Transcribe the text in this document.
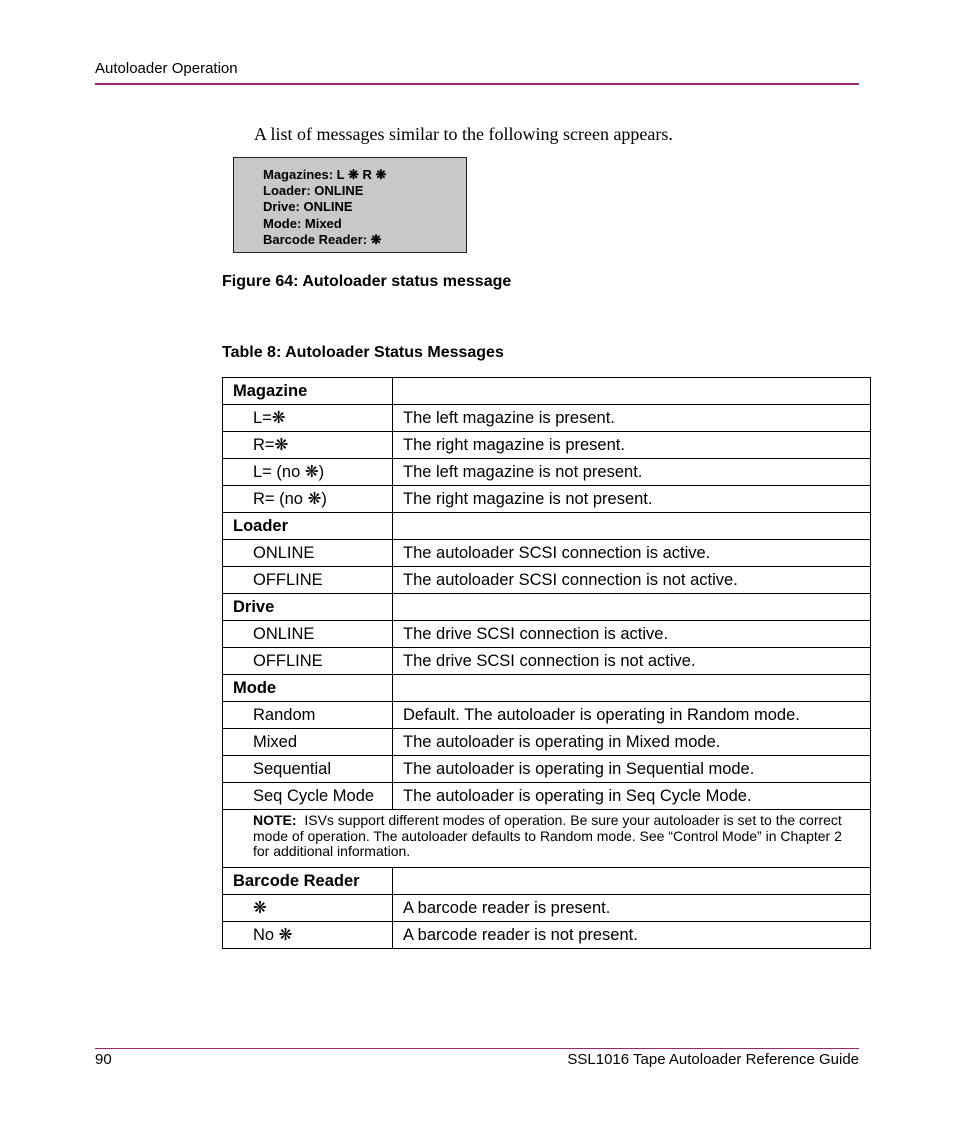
Autoloader Operation
A list of messages similar to the following screen appears.
Magazines: L ❋ R ❋
Loader: ONLINE
Drive: ONLINE
Mode: Mixed
Barcode Reader: ❋
Figure 64: Autoloader status message
Table 8: Autoloader Status Messages
Magazine	
L=❋	The left magazine is present.
R=❋	The right magazine is present.
L= (no ❋)	The left magazine is not present.
R= (no ❋)	The right magazine is not present.
Loader	
ONLINE	The autoloader SCSI connection is active.
OFFLINE	The autoloader SCSI connection is not active.
Drive	
ONLINE	The drive SCSI connection is active.
OFFLINE	The drive SCSI connection is not active.
Mode	
Random	Default. The autoloader is operating in Random mode.
Mixed	The autoloader is operating in Mixed mode.
Sequential	The autoloader is operating in Sequential mode.
Seq Cycle Mode	The autoloader is operating in Seq Cycle Mode.
NOTE: ISVs support different modes of operation. Be sure your autoloader is set to the correct mode of operation. The autoloader defaults to Random mode. See “Control Mode” in Chapter 2 for additional information.	
Barcode Reader	
❋	A barcode reader is present.
No ❋	A barcode reader is not present.
90	SSL1016 Tape Autoloader Reference Guide
